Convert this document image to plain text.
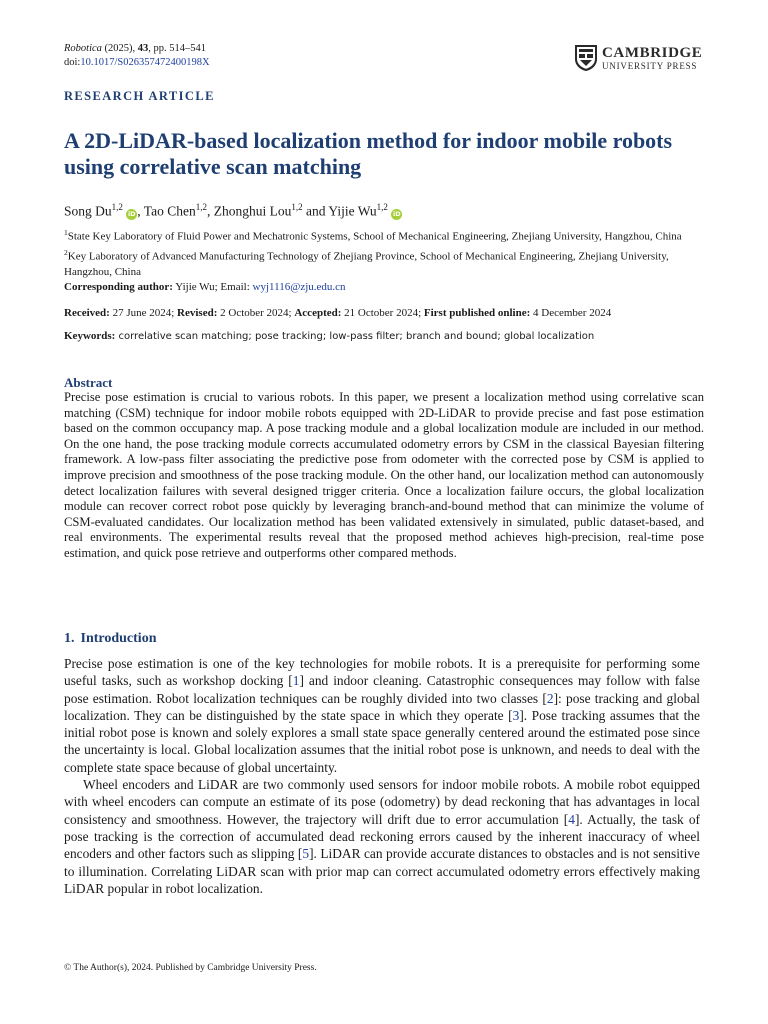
Robotica (2025), 43, pp. 514–541
doi:10.1017/S026357472400198X
CAMBRIDGE
UNIVERSITY PRESS
RESEARCH ARTICLE
A 2D-LiDAR-based localization method for indoor mobile robots using correlative scan matching
Song Du$^{1,2}$ iD , Tao Chen$^{1,2}$, Zhonghui Lou$^{1,2}$ and Yijie Wu$^{1,2}$ iD

$^1$State Key Laboratory of Fluid Power and Mechatronic Systems, School of Mechanical Engineering, Zhejiang University, Hangzhou, China

$^2$Key Laboratory of Advanced Manufacturing Technology of Zhejiang Province, School of Mechanical Engineering, Zhejiang University, Hangzhou, China

Corresponding author: Yijie Wu; Email: wyj1116@zju.edu.cn

Received: 27 June 2024; Revised: 2 October 2024; Accepted: 21 October 2024; First published online: 4 December 2024
Keywords: correlative scan matching; pose tracking; low-pass filter; branch and bound; global localization
Abstract

Precise pose estimation is crucial to various robots. In this paper, we present a localization method using correlative scan matching (CSM) technique for indoor mobile robots equipped with 2D-LiDAR to provide precise and fast pose estimation based on the common occupancy map. A pose tracking module and a global localization module are included in our method. On the one hand, the pose tracking module corrects accumulated odometry errors by CSM in the classical Bayesian filtering framework. A low-pass filter associating the predictive pose from odometer with the corrected pose by CSM is applied to improve precision and smoothness of the pose tracking module. On the other hand, our localization method can autonomously detect localization failures with several designed trigger criteria. Once a localization failure occurs, the global localization module can recover correct robot pose quickly by leveraging branch-and-bound method that can minimize the volume of CSM-evaluated candidates. Our localization method has been validated extensively in simulated, public dataset-based, and real environments. The experimental results reveal that the proposed method achieves high-precision, real-time pose estimation, and quick pose retrieve and outperforms other compared methods.

1. Introduction

Precise pose estimation is one of the key technologies for mobile robots. It is a prerequisite for performing some useful tasks, such as workshop docking [1] and indoor cleaning. Catastrophic consequences may follow with false pose estimation. Robot localization techniques can be roughly divided into two classes [2]: pose tracking and global localization. They can be distinguished by the state space in which they operate [3]. Pose tracking assumes that the initial robot pose is known and solely explores a small state space generally centered around the estimated pose since the uncertainty is local. Global localization assumes that the initial robot pose is unknown, and needs to deal with the complete state space because of global uncertainty.

Wheel encoders and LiDAR are two commonly used sensors for indoor mobile robots. A mobile robot equipped with wheel encoders can compute an estimate of its pose (odometry) by dead reckoning that has advantages in local consistency and smoothness. However, the trajectory will drift due to error accumulation [4]. Actually, the task of pose tracking is the correction of accumulated dead reckoning errors caused by the inherent inaccuracy of wheel encoders and other factors such as slipping [5]. LiDAR can provide accurate distances to obstacles and is not sensitive to illumination. Correlating LiDAR scan with prior map can correct accumulated odometry errors effectively making LiDAR popular in robot localization.

© The Author(s), 2024. Published by Cambridge University Press.
